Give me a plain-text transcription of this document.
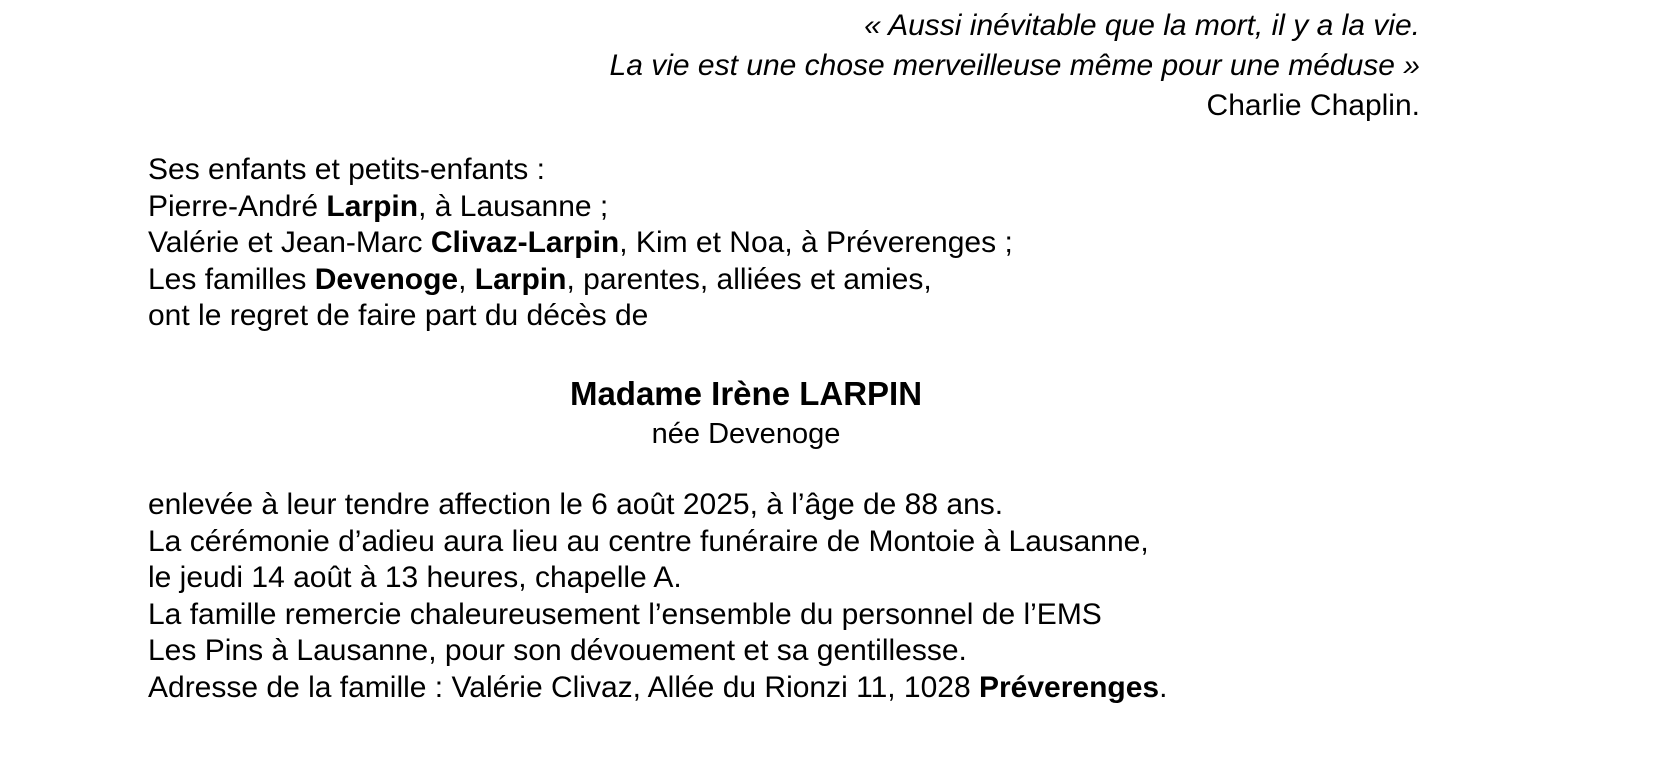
« Aussi inévitable que la mort, il y a la vie.
La vie est une chose merveilleuse même pour une méduse »
Charlie Chaplin.
Ses enfants et petits-enfants :
Pierre-André Larpin, à Lausanne ;
Valérie et Jean-Marc Clivaz-Larpin, Kim et Noa, à Préverenges ;
Les familles Devenoge, Larpin, parentes, alliées et amies,
ont le regret de faire part du décès de
Madame Irène LARPIN
née Devenoge
enlevée à leur tendre affection le 6 août 2025, à l’âge de 88 ans.
La cérémonie d’adieu aura lieu au centre funéraire de Montoie à Lausanne,
le jeudi 14 août à 13 heures, chapelle A.
La famille remercie chaleureusement l’ensemble du personnel de l’EMS
Les Pins à Lausanne, pour son dévouement et sa gentillesse.
Adresse de la famille : Valérie Clivaz, Allée du Rionzi 11, 1028 Préverenges.
